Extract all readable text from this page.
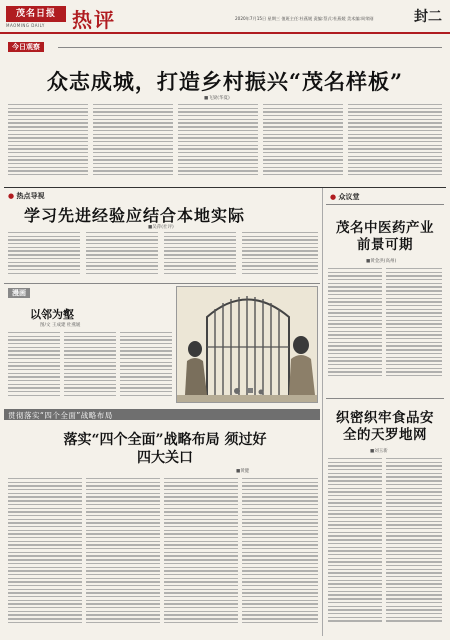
茂名日报
MAOMING DAILY 热评	2020年7月15日 星期三 值班主任:杜燕媛 责编:蔡式:杜燕媛 美术编:周荣刚	封二
今日观察
众志成城，打造乡村振兴“茂名样板”
■飞梁(华夏)
● 热点导视
学习先进经验应结合本地实际
■吴萍(社评)
漫画
以邻为壑
图/文 王成建 杜燕媛
贯彻落实“四个全面”战略布局
落实“四个全面”战略布局 须过好四大关口
■黄健
● 众议堂
茂名中医药产业前景可期
■黄金洪(高州)
织密织牢食品安全的天罗地网
■刘玉新
